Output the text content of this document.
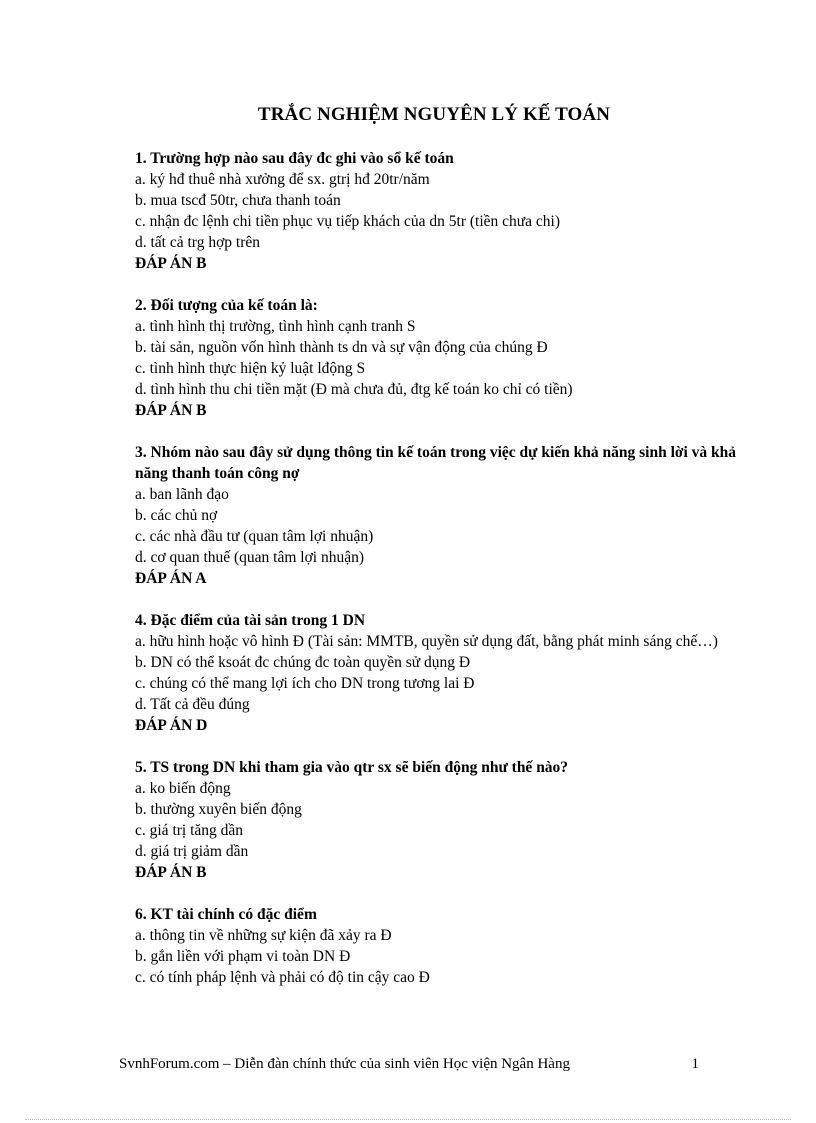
TRẮC NGHIỆM NGUYÊN LÝ KẾ TOÁN
1. Trường hợp nào sau đây đc ghi vào sổ kế toán
a. ký hđ thuê nhà xưởng để sx. gtrị hđ 20tr/năm
b. mua tscđ 50tr, chưa thanh toán
c. nhận đc lệnh chi tiền phục vụ tiếp khách của dn 5tr (tiền chưa chi)
d. tất cả trg hợp trên
ĐÁP ÁN B
2. Đối tượng của kế toán là:
a. tình hình thị trường, tình hình cạnh tranh S
b. tài sản, nguồn vốn hình thành ts dn và sự vận động của chúng Đ
c. tình hình thực hiện kỷ luật lđộng S
d. tình hình thu chi tiền mặt (Đ mà chưa đủ, đtg kế toán ko chỉ có tiền)
ĐÁP ÁN B
3. Nhóm nào sau đây sử dụng thông tin kế toán trong việc dự kiến khả năng sinh lời và khả năng thanh toán công nợ
a. ban lãnh đạo
b. các chủ nợ
c. các nhà đầu tư (quan tâm lợi nhuận)
d. cơ quan thuế (quan tâm lợi nhuận)
ĐÁP ÁN A
4. Đặc điểm của tài sản trong 1 DN
a. hữu hình hoặc vô hình Đ (Tài sản: MMTB, quyền sử dụng đất, bằng phát minh sáng chế…)
b. DN có thể ksoát đc chúng đc toàn quyền sử dụng Đ
c. chúng có thể mang lợi ích cho DN trong tương lai Đ
d. Tất cả đều đúng
ĐÁP ÁN D
5. TS trong DN khi tham gia vào qtr sx sẽ biến động như thế nào?
a. ko biến động
b. thường xuyên biến động
c. giá trị tăng dần
d. giá trị giảm dần
ĐÁP ÁN B
6. KT tài chính có đặc điểm
a. thông tin về những sự kiện đã xảy ra Đ
b. gắn liền với phạm vi toàn DN Đ
c. có tính pháp lệnh và phải có độ tin cậy cao Đ
SvnhForum.com – Diễn đàn chính thức của sinh viên Học viện Ngân Hàng	1
